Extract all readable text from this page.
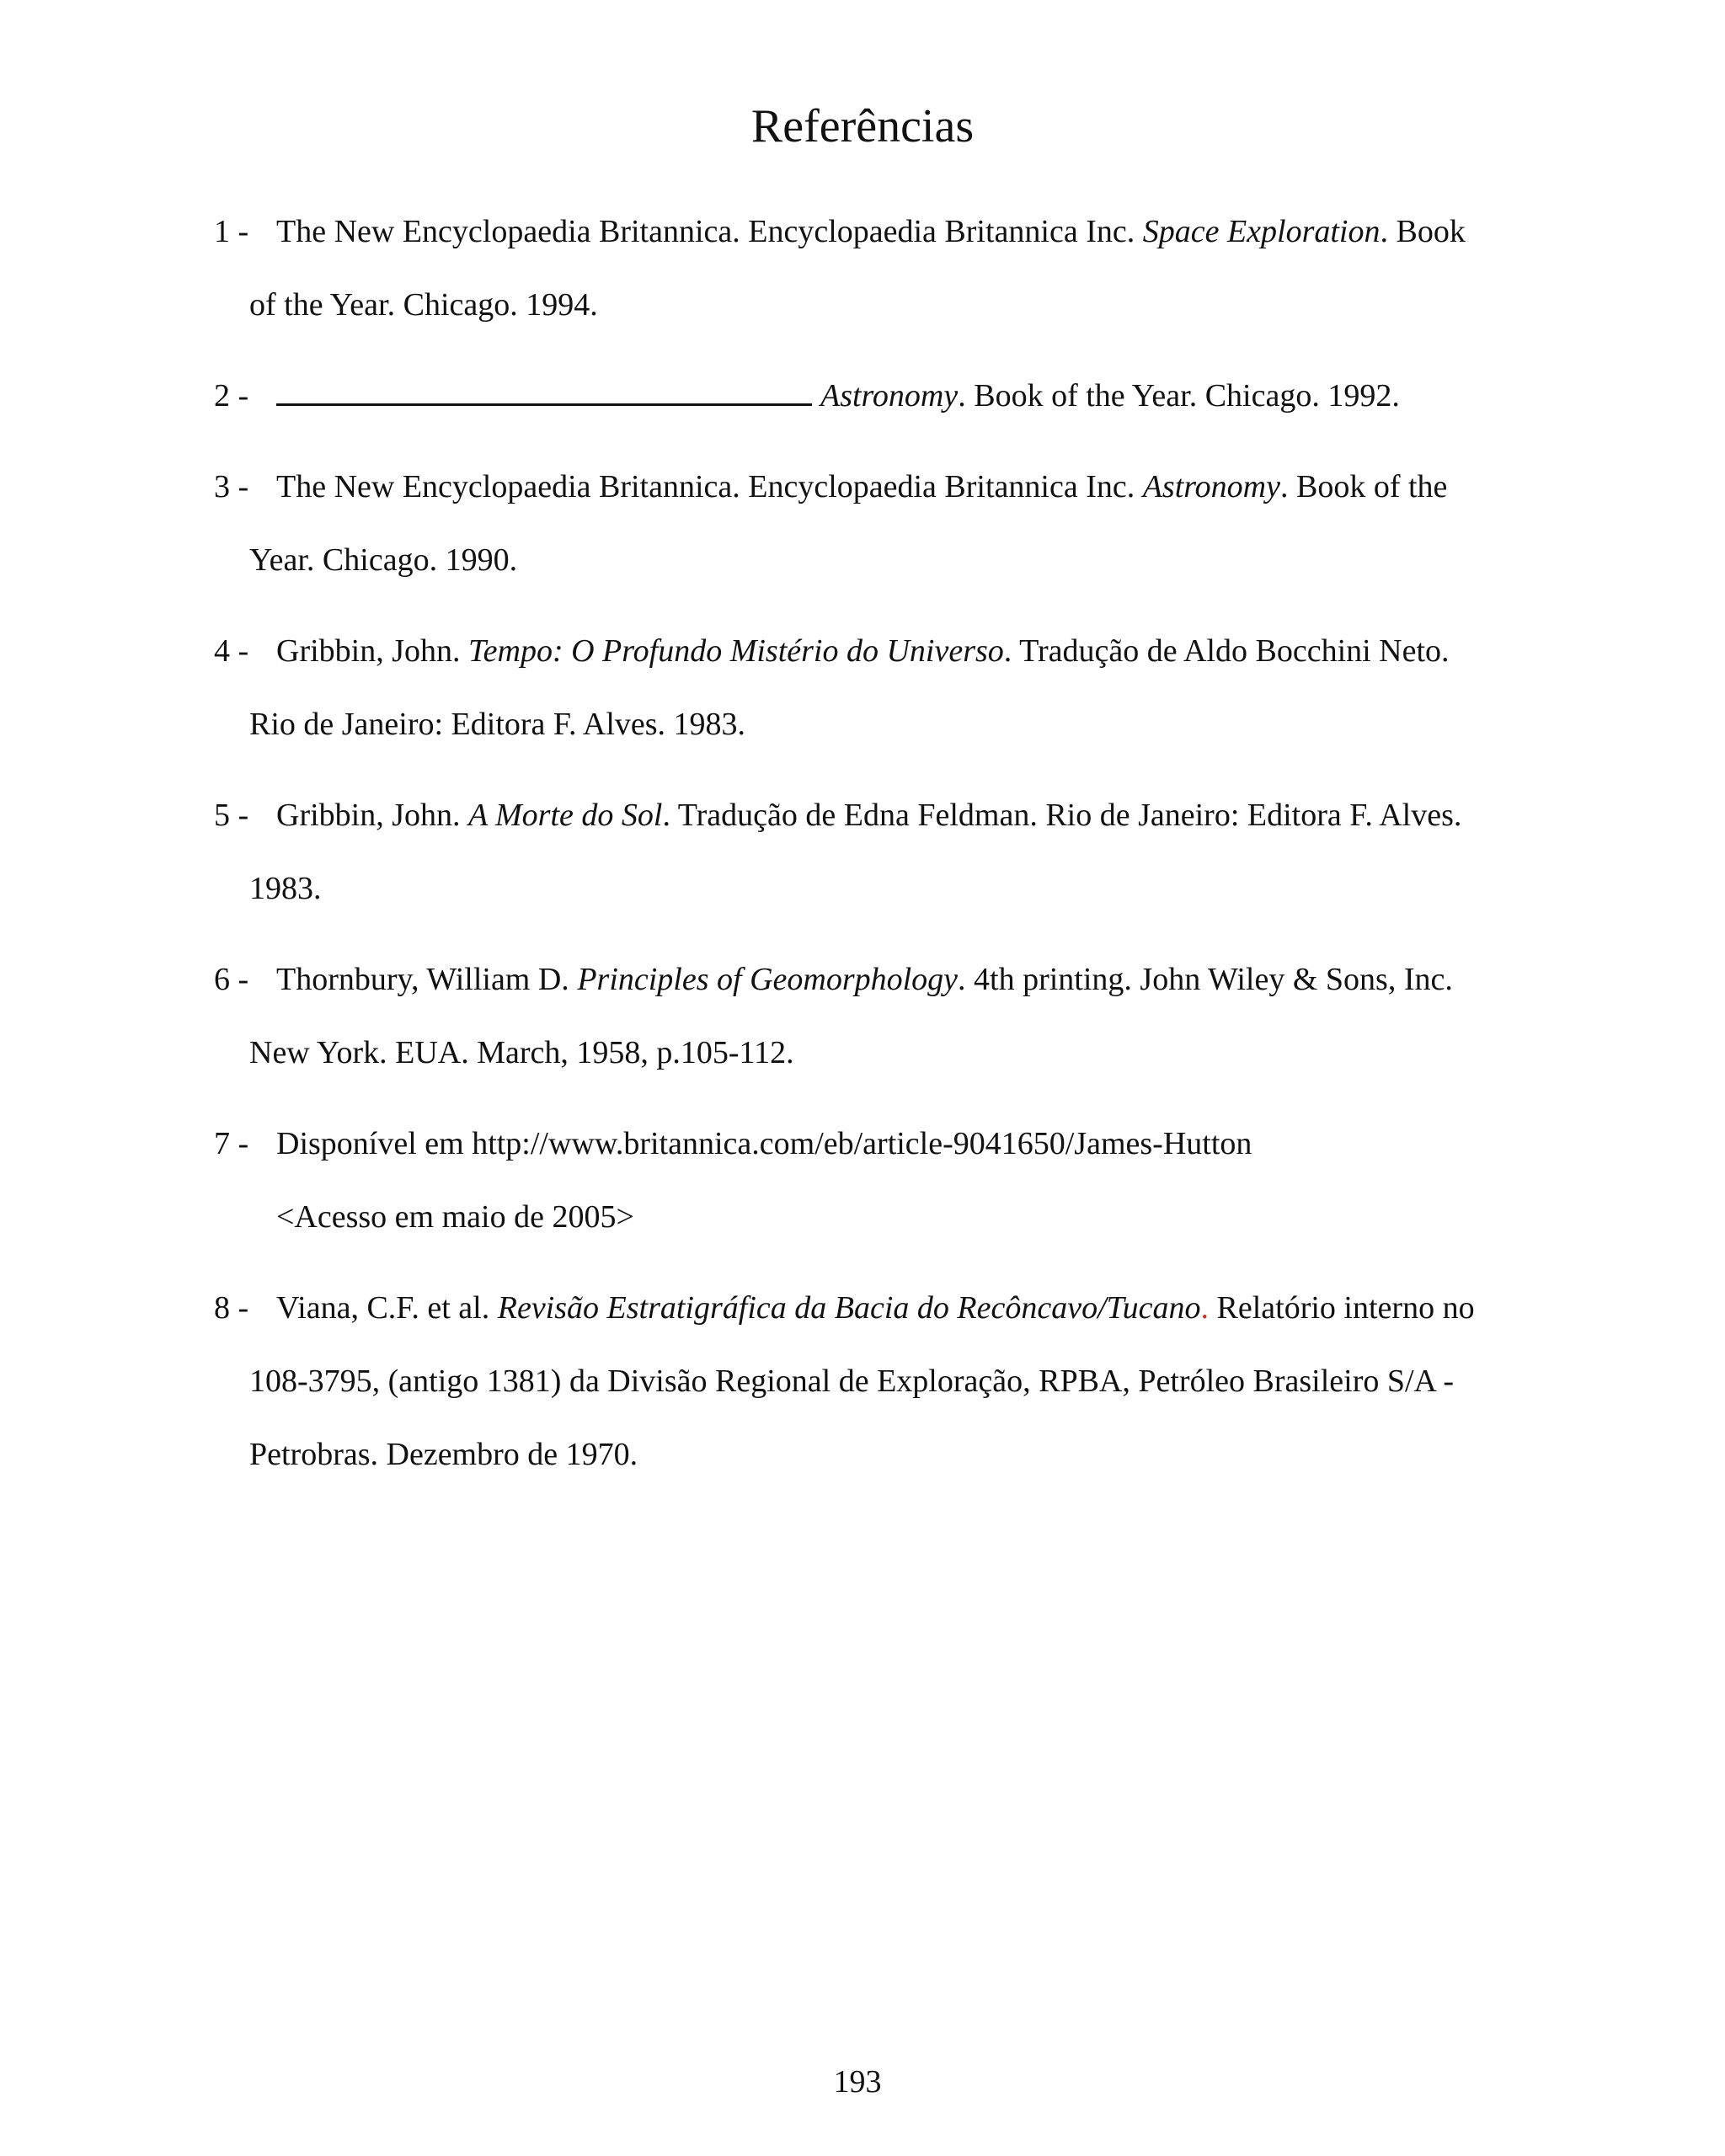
Referências
1 - The New Encyclopaedia Britannica. Encyclopaedia Britannica Inc. Space Exploration. Book
of the Year. Chicago. 1994.
2 -	Astronomy. Book of the Year. Chicago. 1992.
3 - The New Encyclopaedia Britannica. Encyclopaedia Britannica Inc. Astronomy. Book of the
Year. Chicago. 1990.
4 - Gribbin, John. Tempo: O Profundo Mistério do Universo. Tradução de Aldo Bocchini Neto.
Rio de Janeiro: Editora F. Alves. 1983.
5 - Gribbin, John. A Morte do Sol. Tradução de Edna Feldman. Rio de Janeiro: Editora F. Alves.
1983.
6 - Thornbury, William D. Principles of Geomorphology. 4th printing. John Wiley & Sons, Inc.
New York. EUA. March, 1958, p.105-112.
7 - Disponível em http://www.britannica.com/eb/article-9041650/James-Hutton
<Acesso em maio de 2005>
8 - Viana, C.F. et al. Revisão Estratigráfica da Bacia do Recôncavo/Tucano. Relatório interno no
108-3795, (antigo 1381) da Divisão Regional de Exploração, RPBA, Petróleo Brasileiro S/A -
Petrobras. Dezembro de 1970.
193
